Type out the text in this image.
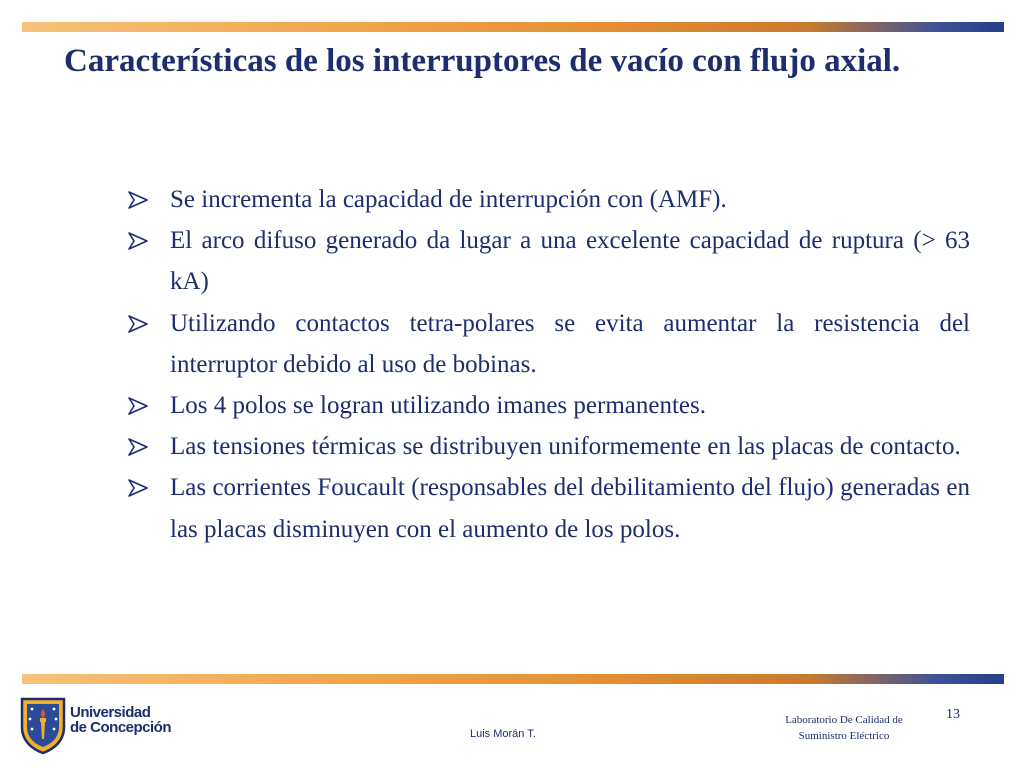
Características de los interruptores de vacío con flujo axial.
Se incrementa la capacidad de interrupción con (AMF).
El arco difuso generado da lugar a una excelente capacidad de ruptura (> 63 kA)
Utilizando contactos tetra-polares se evita aumentar la resistencia del interruptor debido al uso de bobinas.
Los 4 polos se logran utilizando imanes permanentes.
Las tensiones térmicas se distribuyen uniformemente en las placas de contacto.
Las corrientes Foucault (responsables del debilitamiento del flujo) generadas en las placas disminuyen con el aumento de los polos.
Universidad
de Concepción	Luis Morán T.
Laboratorio De Calidad de
Suministro Eléctrico
13
